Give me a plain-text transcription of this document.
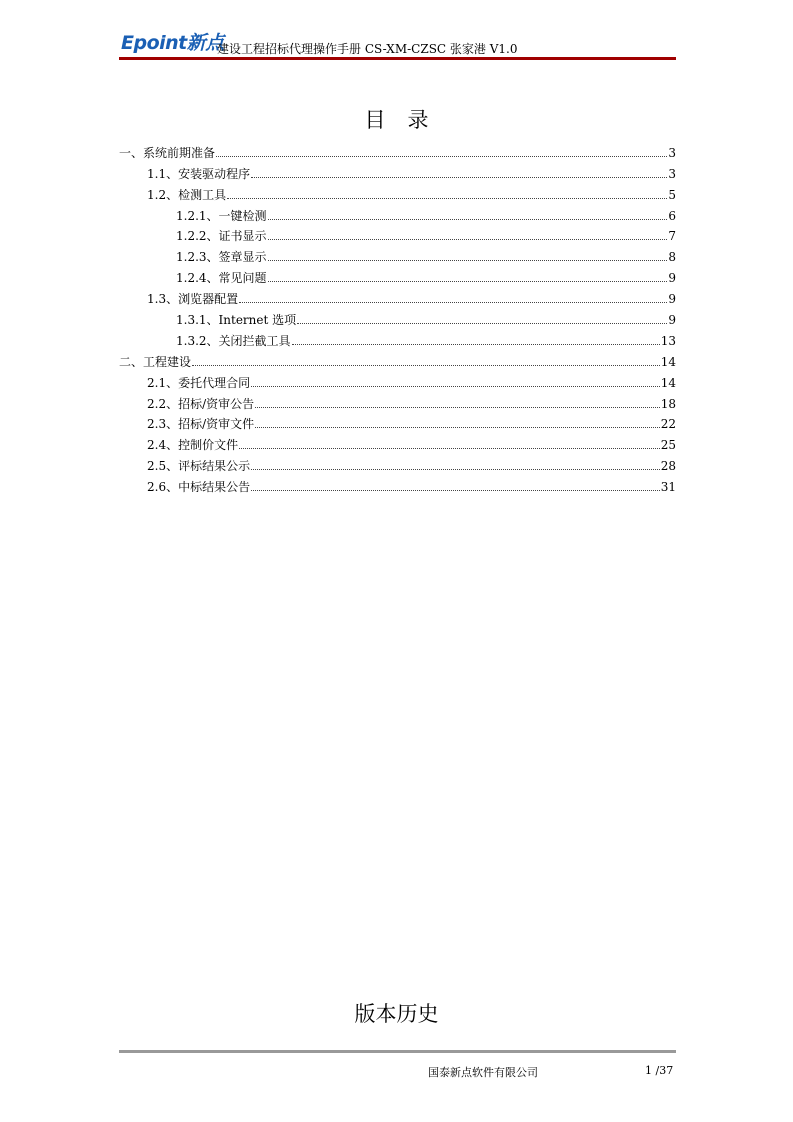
Epoint新点
建设工程招标代理操作手册 CS-XM-CZSC 张家港 V1.0
目录
一、系统前期准备	3
1.1、安装驱动程序	3
1.2、检测工具	5
1.2.1、一键检测	6
1.2.2、证书显示	7
1.2.3、签章显示	8
1.2.4、常见问题	9
1.3、浏览器配置	9
1.3.1、Internet 选项	9
1.3.2、关闭拦截工具	13
二、工程建设	14
2.1、委托代理合同	14
2.2、招标/资审公告	18
2.3、招标/资审文件	22
2.4、控制价文件	25
2.5、评标结果公示	28
2.6、中标结果公告	31
版本历史
国泰新点软件有限公司	1 /37
